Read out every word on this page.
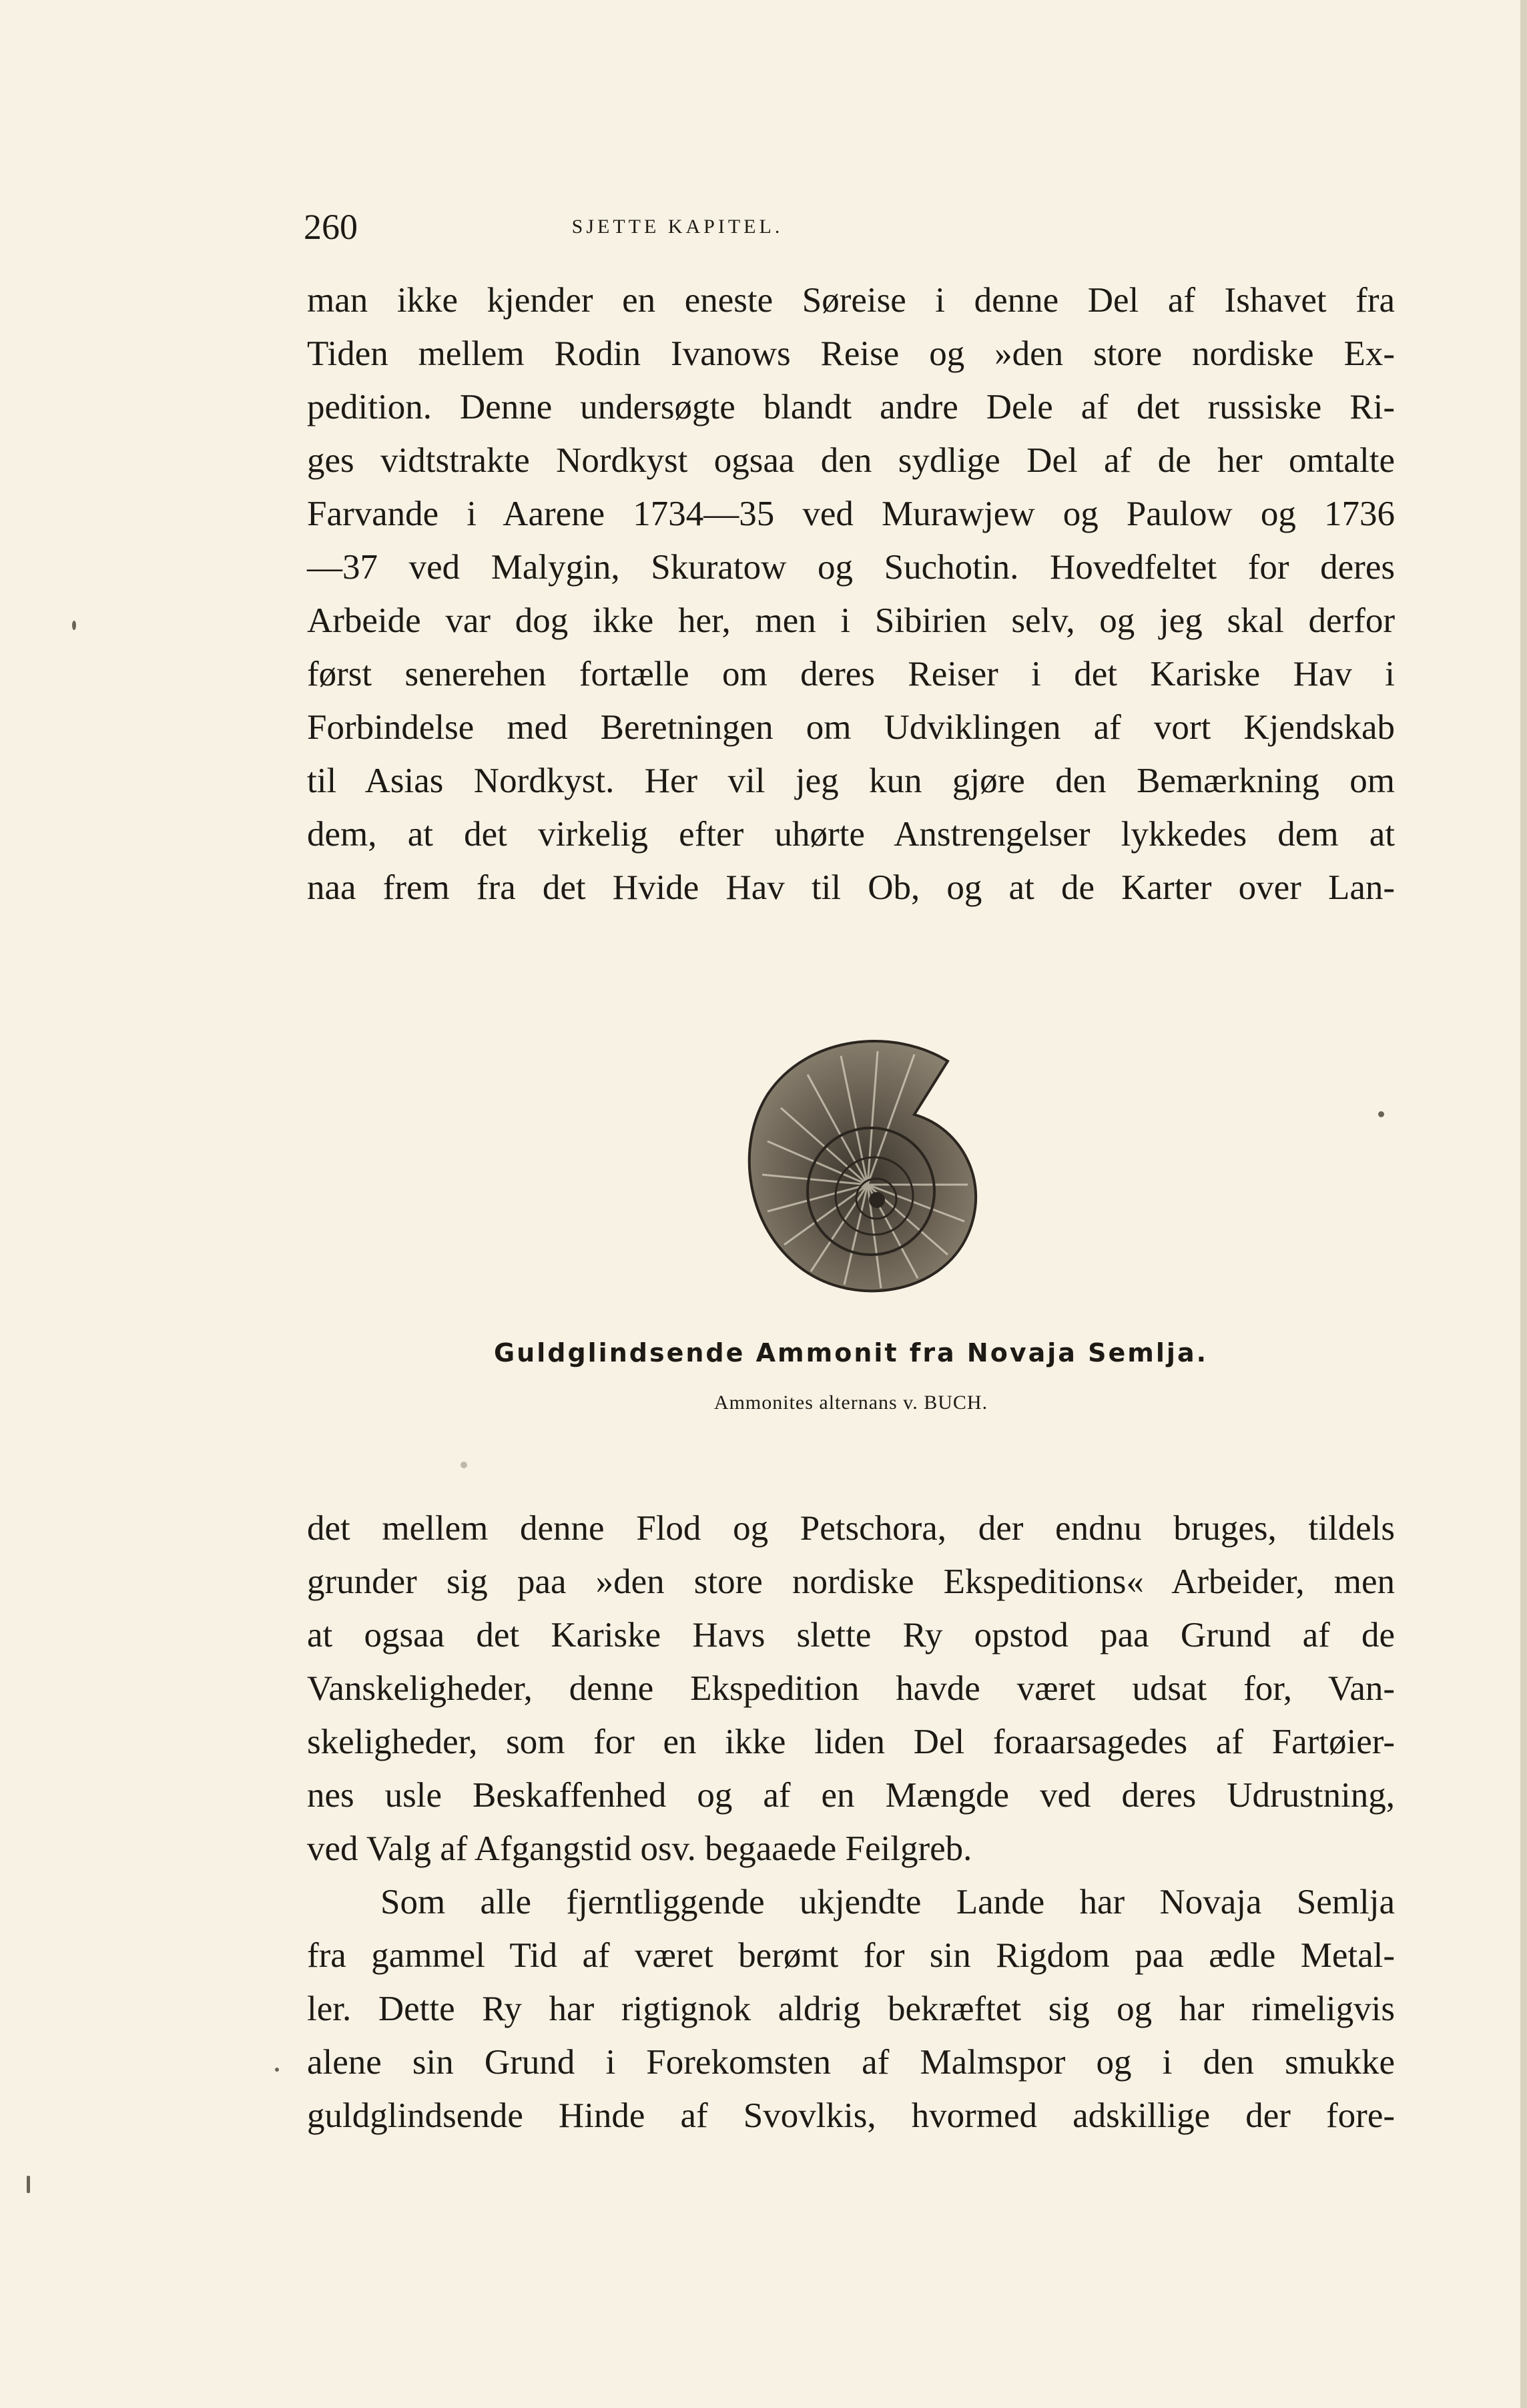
260	SJETTE KAPITEL.
man ikke kjender en eneste Søreise i denne Del af Ishavet fra
Tiden mellem Rodin Ivanows Reise og »den store nordiske Ex-
pedition. Denne undersøgte blandt andre Dele af det russiske Ri-
ges vidtstrakte Nordkyst ogsaa den sydlige Del af de her omtalte
Farvande i Aarene 1734—35 ved Murawjew og Paulow og 1736
—37 ved Malygin, Skuratow og Suchotin. Hovedfeltet for deres
Arbeide var dog ikke her, men i Sibirien selv, og jeg skal derfor
først senerehen fortælle om deres Reiser i det Kariske Hav i
Forbindelse med Beretningen om Udviklingen af vort Kjendskab
til Asias Nordkyst. Her vil jeg kun gjøre den Bemærkning om
dem, at det virkelig efter uhørte Anstrengelser lykkedes dem at
naa frem fra det Hvide Hav til Ob, og at de Karter over Lan-
Guldglindsende Ammonit fra Novaja Semlja.
Ammonites alternans v. BUCH.
det mellem denne Flod og Petschora, der endnu bruges, tildels
grunder sig paa »den store nordiske Ekspeditions« Arbeider, men
at ogsaa det Kariske Havs slette Ry opstod paa Grund af de
Vanskeligheder, denne Ekspedition havde været udsat for, Van-
skeligheder, som for en ikke liden Del foraarsagedes af Fartøier-
nes usle Beskaffenhed og af en Mængde ved deres Udrustning,
ved Valg af Afgangstid osv. begaaede Feilgreb.
Som alle fjerntliggende ukjendte Lande har Novaja Semlja
fra gammel Tid af været berømt for sin Rigdom paa ædle Metal-
ler. Dette Ry har rigtignok aldrig bekræftet sig og har rimeligvis
alene sin Grund i Forekomsten af Malmspor og i den smukke
guldglindsende Hinde af Svovlkis, hvormed adskillige der fore-
